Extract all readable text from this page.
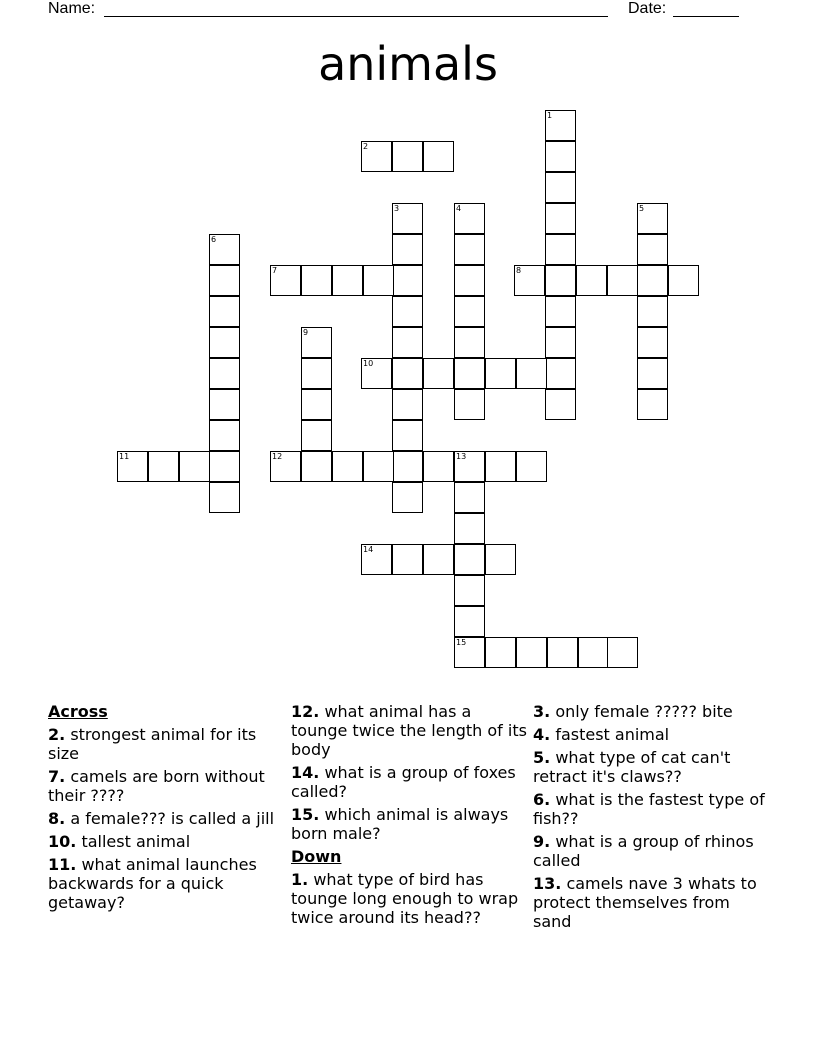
Name:	Date:
animals
1
2
3	4	5
6
7	8
9
10
11	12	13
14
15
Across
2. strongest animal for its size
7. camels are born without their ????
8. a female??? is called a jill
10. tallest animal
11. what animal launches backwards for a quick getaway?
12. what animal has a tounge twice the length of its body
14. what is a group of foxes called?
15. which animal is always born male?
Down
1. what type of bird has tounge long enough to wrap twice around its head??
3. only female ????? bite
4. fastest animal
5. what type of cat can't retract it's claws??
6. what is the fastest type of fish??
9. what is a group of rhinos called
13. camels nave 3 whats to protect themselves from sand
